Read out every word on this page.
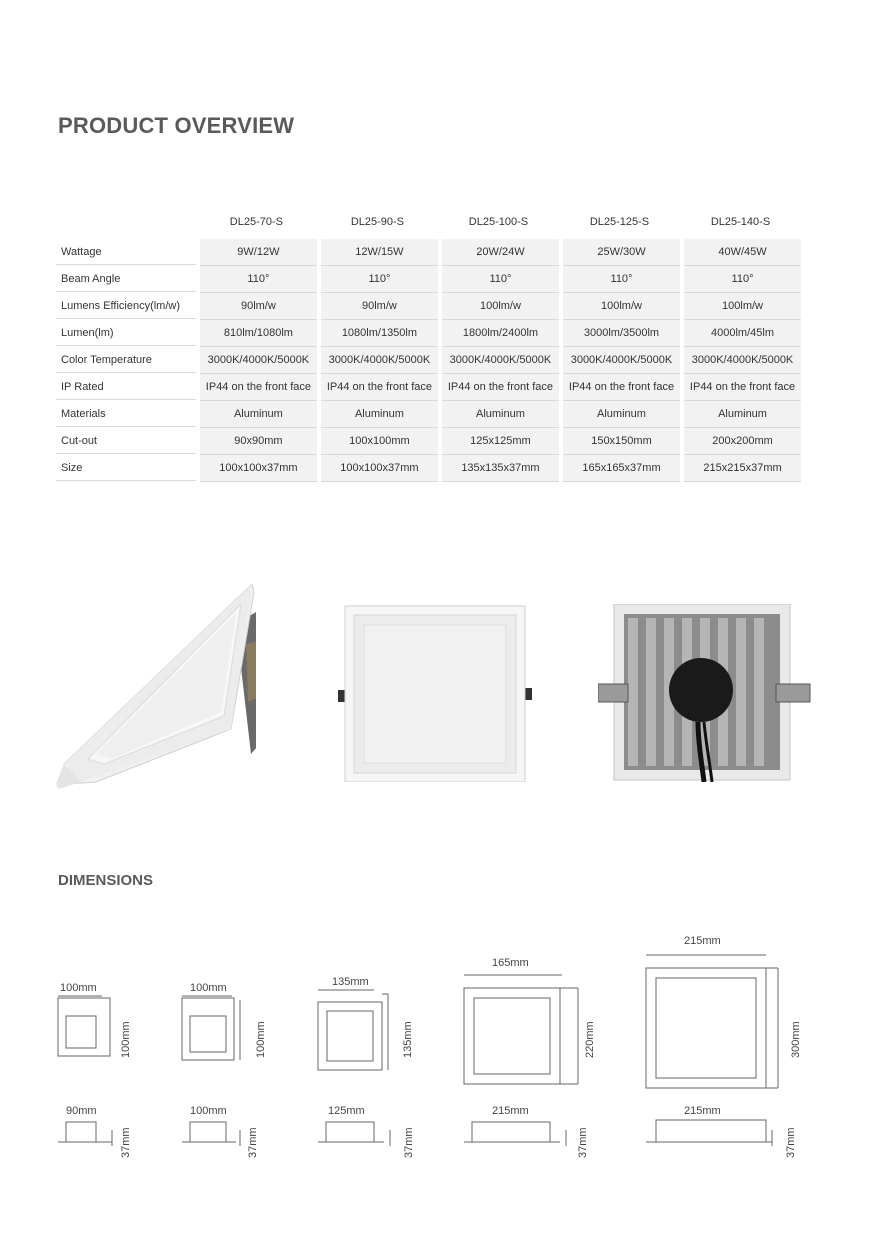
PRODUCT OVERVIEW
DL25-70-S	DL25-90-S	DL25-100-S	DL25-125-S	DL25-140-S
Wattage	9W/12W	12W/15W	20W/24W	25W/30W	40W/45W
Beam Angle	110°	110°	110°	110°	110°
Lumens Efficiency(lm/w)	90lm/w	90lm/w	100lm/w	100lm/w	100lm/w
Lumen(lm)	810lm/1080lm	1080lm/1350lm	1800lm/2400lm	3000lm/3500lm	4000lm/45lm
Color Temperature	3000K/4000K/5000K	3000K/4000K/5000K	3000K/4000K/5000K	3000K/4000K/5000K	3000K/4000K/5000K
IP Rated	IP44 on the front face	IP44 on the front face	IP44 on the front face	IP44 on the front face	IP44 on the front face
Materials	Aluminum	Aluminum	Aluminum	Aluminum	Aluminum
Cut-out	90x90mm	100x100mm	125x125mm	150x150mm	200x200mm
Size	100x100x37mm	100x100x37mm	135x135x37mm	165x165x37mm	215x215x37mm
DIMENSIONS
100mm
100mm
100mm
100mm
135mm
135mm
165mm
220mm
215mm
300mm
90mm
37mm
100mm
37mm
125mm
37mm
215mm
37mm
215mm
37mm
